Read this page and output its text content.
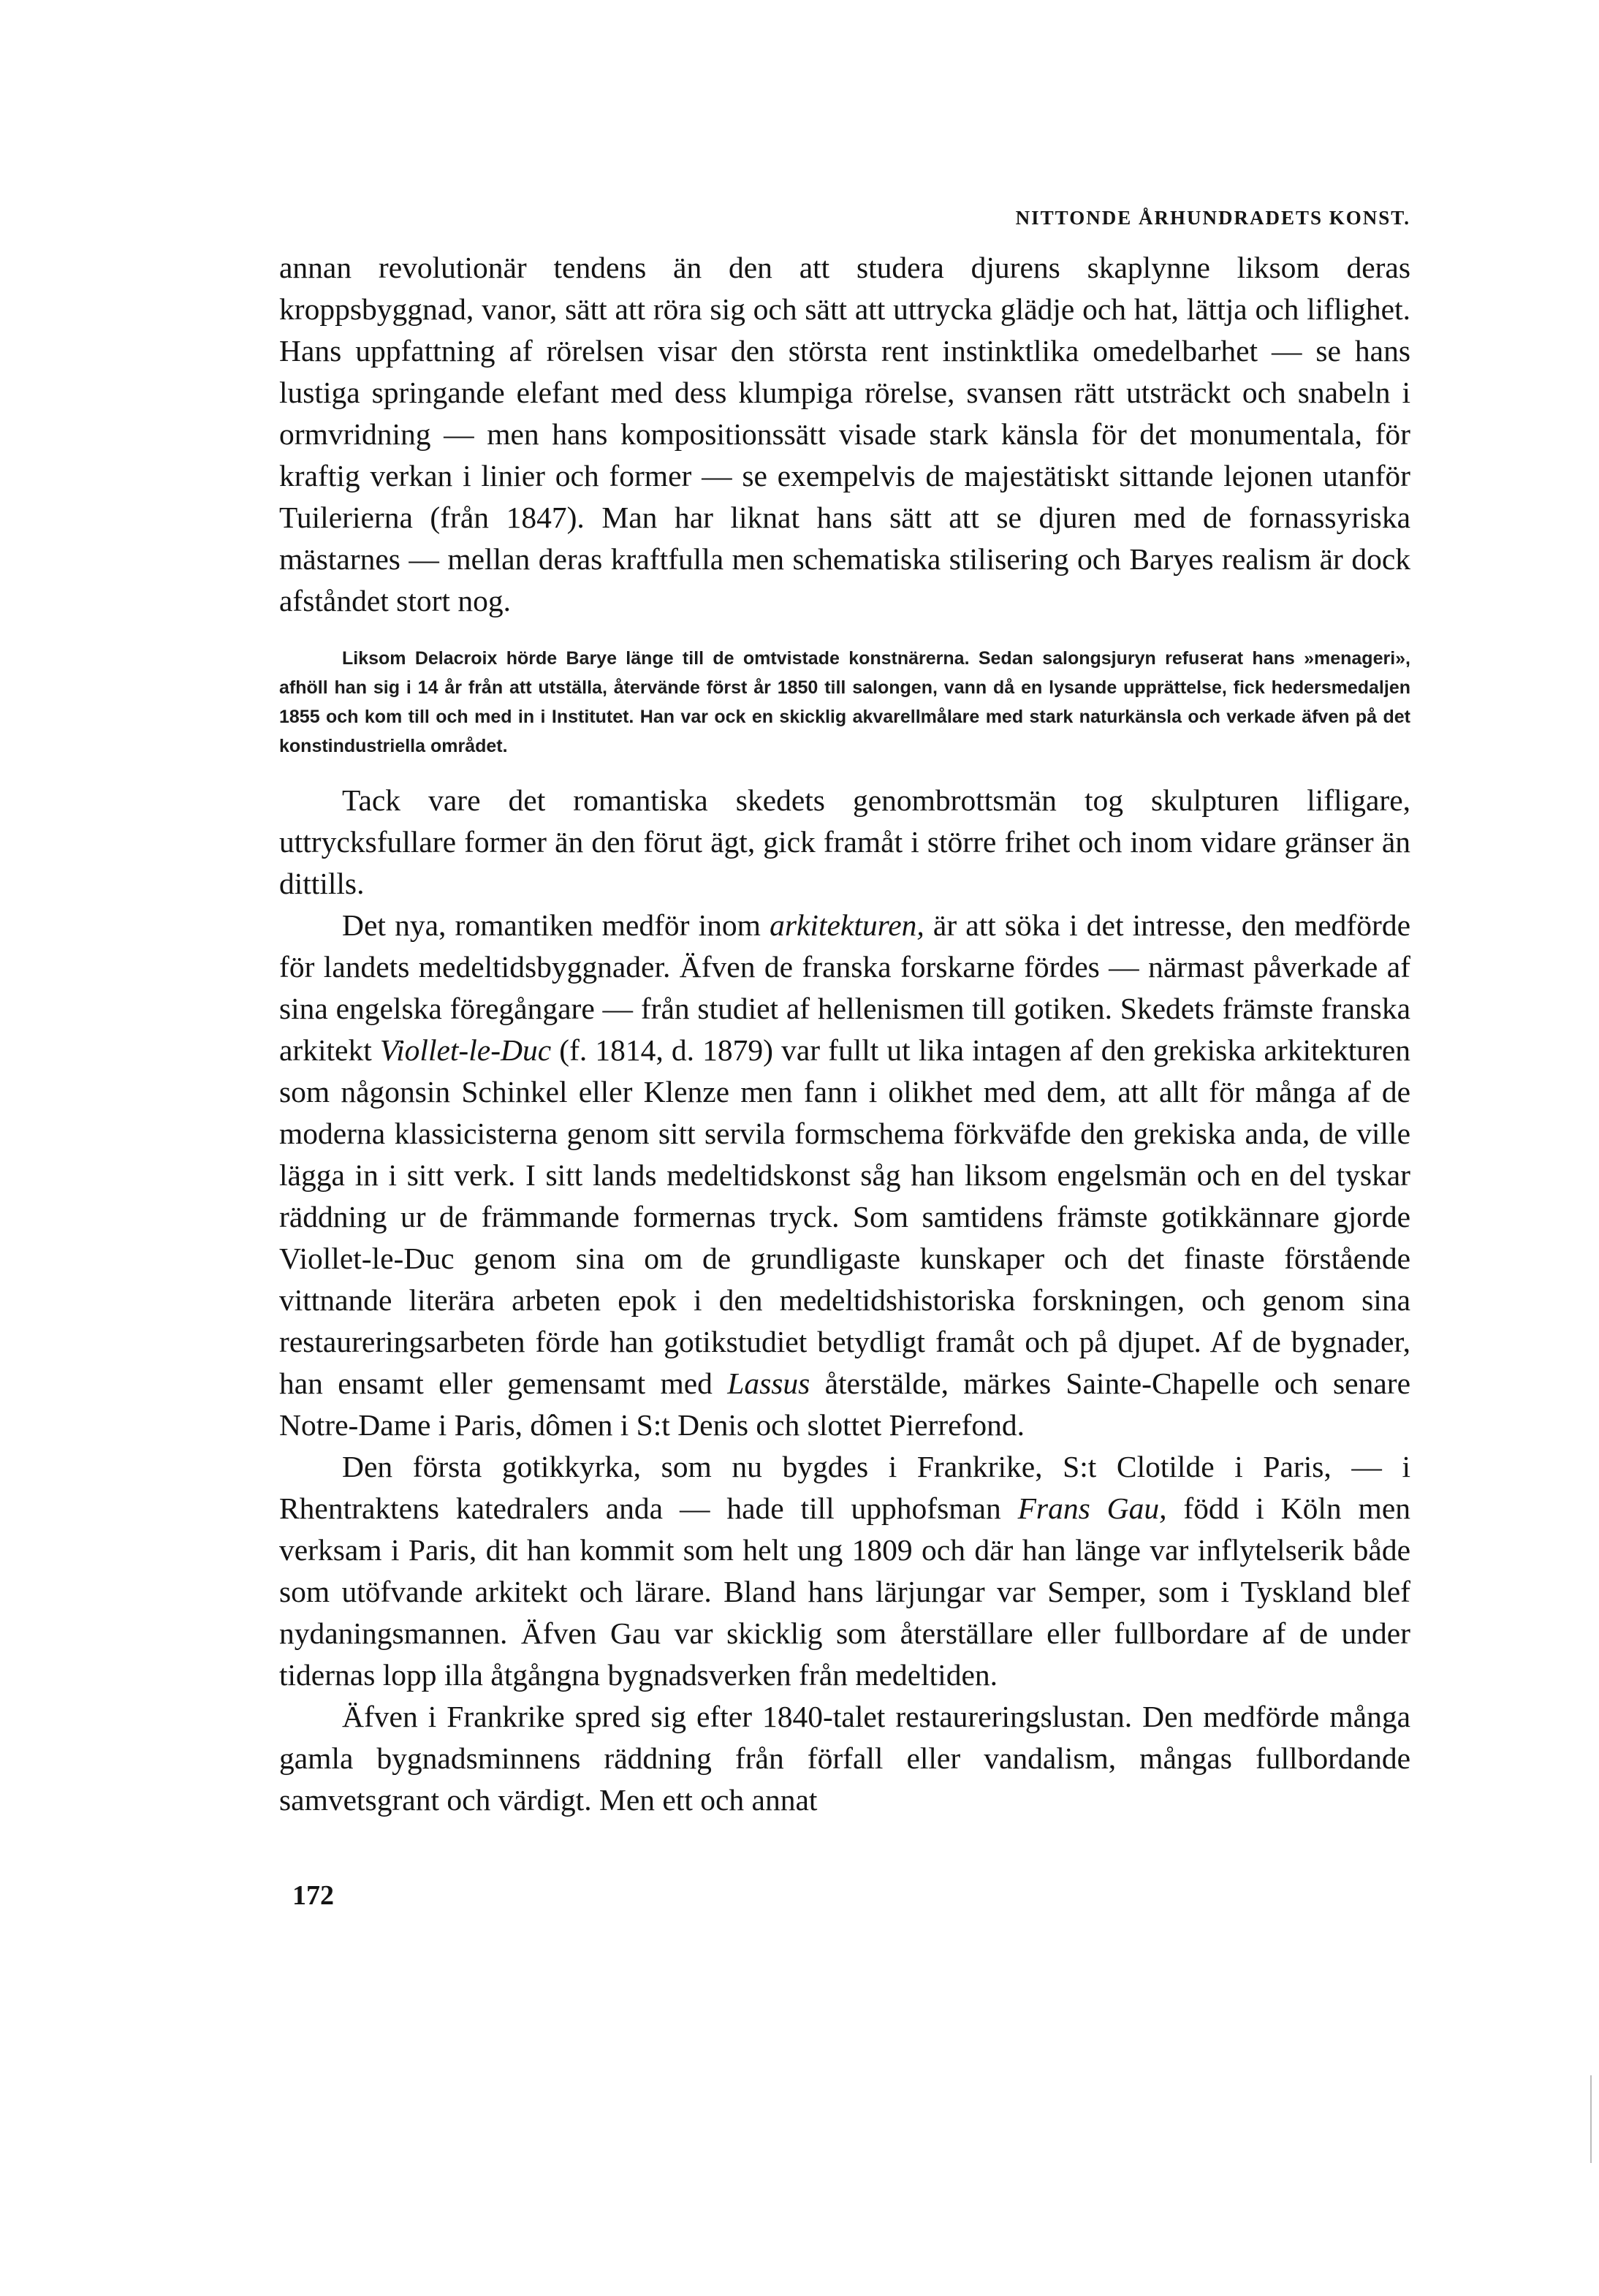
NITTONDE ÅRHUNDRADETS KONST.

annan revolutionär tendens än den att studera djurens skaplynne liksom deras kroppsbyggnad, vanor, sätt att röra sig och sätt att uttrycka glädje och hat, lättja och liflighet. Hans uppfattning af rörelsen visar den största rent instinktlika omedelbarhet — se hans lustiga springande elefant med dess klumpiga rörelse, svansen rätt utsträckt och snabeln i ormvridning — men hans kompositionssätt visade stark känsla för det monumentala, för kraftig verkan i linier och former — se exempelvis de majestätiskt sittande lejonen utanför Tuilerierna (från 1847). Man har liknat hans sätt att se djuren med de fornassyriska mästarnes — mellan deras kraftfulla men schematiska stilisering och Baryes realism är dock afståndet stort nog.

Liksom Delacroix hörde Barye länge till de omtvistade konstnärerna. Sedan salongsjuryn refuserat hans »menageri», afhöll han sig i 14 år från att utställa, återvände först år 1850 till salongen, vann då en lysande upprättelse, fick hedersmedaljen 1855 och kom till och med in i Institutet. Han var ock en skicklig akvarellmålare med stark naturkänsla och verkade äfven på det konstindustriella området.

Tack vare det romantiska skedets genombrottsmän tog skulpturen lifligare, uttrycksfullare former än den förut ägt, gick framåt i större frihet och inom vidare gränser än dittills.

Det nya, romantiken medför inom arkitekturen, är att söka i det intresse, den medförde för landets medeltidsbyggnader. Äfven de franska forskarne fördes — närmast påverkade af sina engelska föregångare — från studiet af hellenismen till gotiken. Skedets främste franska arkitekt Viollet-le-Duc (f. 1814, d. 1879) var fullt ut lika intagen af den grekiska arkitekturen som någonsin Schinkel eller Klenze men fann i olikhet med dem, att allt för många af de moderna klassicisterna genom sitt servila formschema förkväfde den grekiska anda, de ville lägga in i sitt verk. I sitt lands medeltidskonst såg han liksom engelsmän och en del tyskar räddning ur de främmande formernas tryck. Som samtidens främste gotikkännare gjorde Viollet-le-Duc genom sina om de grundligaste kunskaper och det finaste förstående vittnande literära arbeten epok i den medeltidshistoriska forskningen, och genom sina restaureringsarbeten förde han gotikstudiet betydligt framåt och på djupet. Af de bygnader, han ensamt eller gemensamt med Lassus återstälde, märkes Sainte-Chapelle och senare Notre-Dame i Paris, dômen i S:t Denis och slottet Pierrefond.

Den första gotikkyrka, som nu bygdes i Frankrike, S:t Clotilde i Paris, — i Rhentraktens katedralers anda — hade till upphofsman Frans Gau, född i Köln men verksam i Paris, dit han kommit som helt ung 1809 och där han länge var inflytelserik både som utöfvande arkitekt och lärare. Bland hans lärjungar var Semper, som i Tyskland blef nydaningsmannen. Äfven Gau var skicklig som återställare eller fullbordare af de under tidernas lopp illa åtgångna bygnadsverken från medeltiden.

Äfven i Frankrike spred sig efter 1840-talet restaureringslustan. Den medförde många gamla bygnadsminnens räddning från förfall eller vandalism, mångas fullbordande samvetsgrant och värdigt. Men ett och annat

172
